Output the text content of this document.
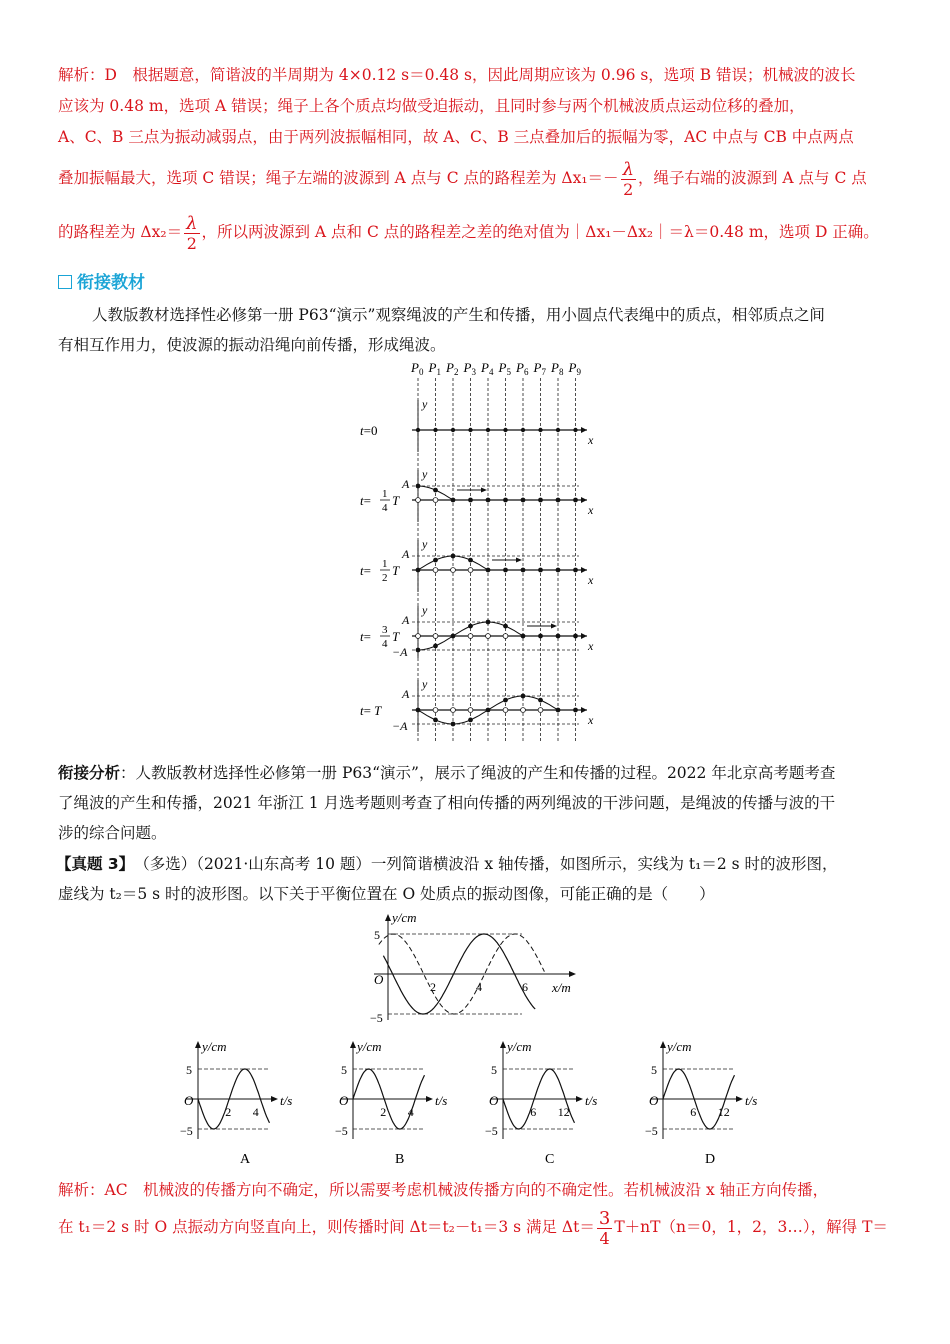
解析：D　根据题意，简谐波的半周期为 4×0.12 s＝0.48 s，因此周期应该为 0.96 s，选项 B 错误；机械波的波长
应该为 0.48 m，选项 A 错误；绳子上各个质点均做受迫振动，且同时参与两个机械波质点运动位移的叠加，
A、C、B 三点为振动减弱点，由于两列波振幅相同，故 A、C、B 三点叠加后的振幅为零，AC 中点与 CB 中点两点
叠加振幅最大，选项 C 错误；绳子左端的波源到 A 点与 C 点的路程差为 $\Delta x_1=- \frac{\lambda}{2}$ ，绳子右端的波源到 A 点与 C 点
的路程差为 $\Delta x_2= \frac{\lambda}{2}$ ，所以两波源到 A 点和 C 点的路程差之差的绝对值为｜Δx₁－Δx₂｜＝λ＝0.48 m，选项 D 正确。
衔接教材
人教版教材选择性必修第一册 P63“演示”观察绳波的产生和传播，用小圆点代表绳中的质点，相邻质点之间
有相互作用力，使波源的振动沿绳向前传播，形成绳波。
$P_0$ $P_1$ $P_2$ $P_3$ $P_4$ $P_5$ $P_6$ $P_7$ $P_8$ $P_9$
t=0
y
x
t= 1
4 T
y
x
A
t= 1
2 T
y
x
A
t= 3
4 T
y
x
A
−A
t= T
y
x
A
−A
衔接分析：人教版教材选择性必修第一册 P63“演示”，展示了绳波的产生和传播的过程。2022 年北京高考题考查
了绳波的产生和传播，2021 年浙江 1 月选考题则考查了相向传播的两列绳波的干涉问题，是绳波的传播与波的干
涉的综合问题。
【真题 3】　（多选）（2021·山东高考 10 题）一列简谐横波沿 x 轴传播，如图所示，实线为 t₁＝2 s 时的波形图，
虚线为 t₂＝5 s 时的波形图。以下关于平衡位置在 O 处质点的振动图像，可能正确的是（　　）
y/cm
x/m
O
5
−5
2	4	6
y/cm
t/s
O
5
−5
2 4
A
y/cm
t/s
O
5
−5
2 4
B
y/cm
t/s
O
5
−5
6 12
C
y/cm
t/s
O
5
−5
6 12
D
解析：AC　机械波的传播方向不确定，所以需要考虑机械波传播方向的不确定性。若机械波沿 x 轴正方向传播，
在 t₁＝2 s 时 O 点振动方向竖直向上，则传播时间 Δt＝t₂－t₁＝3 s 满足 $\Delta t= \frac{3}{4} T+nT(n=0$，1，2，3…），解得 T＝
